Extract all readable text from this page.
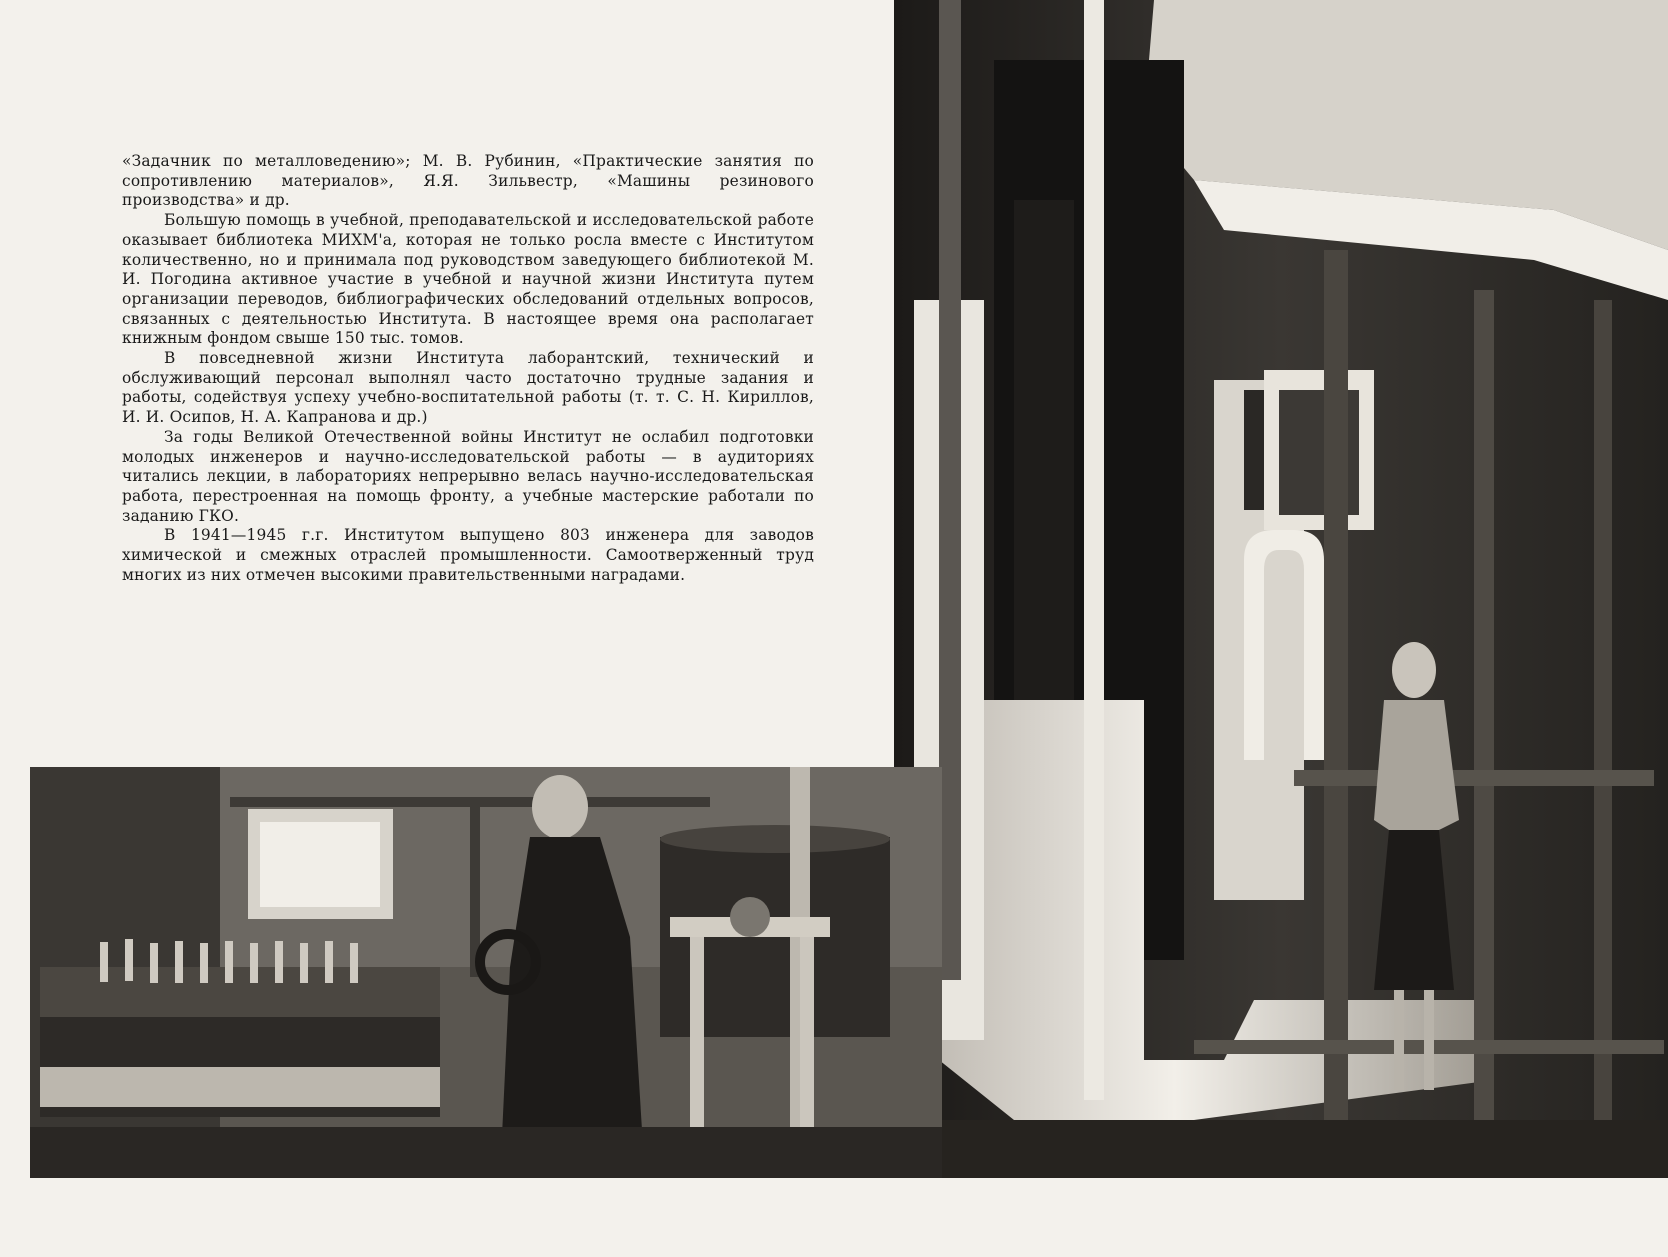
«Задачник по металловедению»; М. В. Рубинин, «Практические занятия по сопротивлению материалов», Я.Я. Зильвестр, «Машины резинового производства» и др.

Большую помощь в учебной, преподавательской и исследовательской работе оказывает библиотека МИХМ'а, которая не только росла вместе с Институтом количественно, но и принимала под руководством заведующего библиотекой М. И. Погодина активное участие в учебной и научной жизни Института путем организации переводов, библиографических обследований отдельных вопросов, связанных с деятельностью Института. В настоящее время она располагает книжным фондом свыше 150 тыс. томов.

В повседневной жизни Института лаборантский, технический и обслуживающий персонал выполнял часто достаточно трудные задания и работы, содействуя успеху учебно-воспитательной работы (т. т. С. Н. Кириллов, И. И. Осипов, Н. А. Капранова и др.)

За годы Великой Отечественной войны Институт не ослабил подготовки молодых инженеров и научно-исследовательской работы — в аудиториях читались лекции, в лабораториях непрерывно велась научно-исследовательская работа, перестроенная на помощь фронту, а учебные мастерские работали по заданию ГКО.

В 1941—1945 г.г. Институтом выпущено 803 инженера для заводов химической и смежных отраслей промышленности. Самоотверженный труд многих из них отмечен высокими правительственными наградами.
